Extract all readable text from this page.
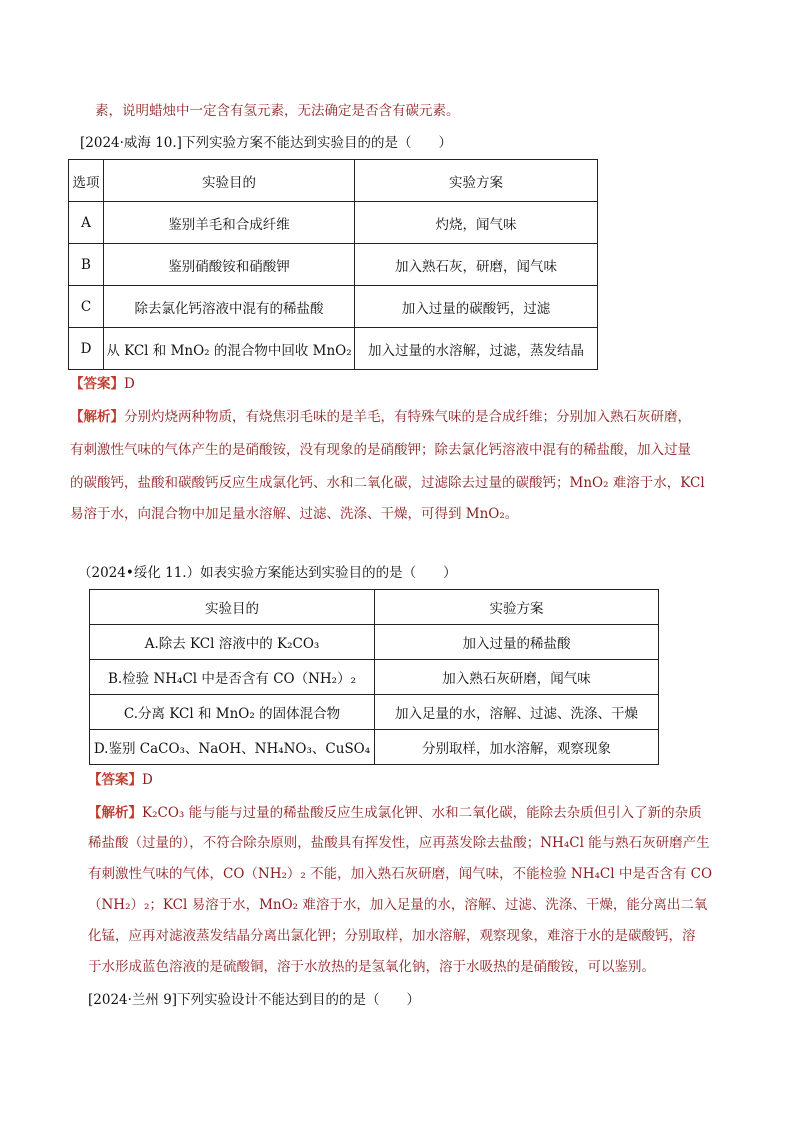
素，说明蜡烛中一定含有氢元素，无法确定是否含有碳元素。
[2024·威海 10.]下列实验方案不能达到实验目的的是（　　）
选项	实验目的	实验方案
A	鉴别羊毛和合成纤维	灼烧，闻气味
B	鉴别硝酸铵和硝酸钾	加入熟石灰，研磨，闻气味
C	除去氯化钙溶液中混有的稀盐酸	加入过量的碳酸钙，过滤
D	从 KCl 和 MnO₂ 的混合物中回收 MnO₂	加入过量的水溶解，过滤，蒸发结晶
【答案】D
【解析】分别灼烧两种物质，有烧焦羽毛味的是羊毛，有特殊气味的是合成纤维；分别加入熟石灰研磨，
有刺激性气味的气体产生的是硝酸铵，没有现象的是硝酸钾；除去氯化钙溶液中混有的稀盐酸，加入过量
的碳酸钙，盐酸和碳酸钙反应生成氯化钙、水和二氧化碳，过滤除去过量的碳酸钙；MnO₂ 难溶于水，KCl
易溶于水，向混合物中加足量水溶解、过滤、洗涤、干燥，可得到 MnO₂。
（2024•绥化 11.）如表实验方案能达到实验目的的是（　　）
实验目的	实验方案
A.除去 KCl 溶液中的 K₂CO₃	加入过量的稀盐酸
B.检验 NH₄Cl 中是否含有 CO（NH₂）₂	加入熟石灰研磨，闻气味
C.分离 KCl 和 MnO₂ 的固体混合物	加入足量的水，溶解、过滤、洗涤、干燥
D.鉴别 CaCO₃、NaOH、NH₄NO₃、CuSO₄	分别取样，加水溶解，观察现象
【答案】D
【解析】K₂CO₃ 能与能与过量的稀盐酸反应生成氯化钾、水和二氧化碳，能除去杂质但引入了新的杂质
稀盐酸（过量的），不符合除杂原则，盐酸具有挥发性，应再蒸发除去盐酸；NH₄Cl 能与熟石灰研磨产生
有刺激性气味的气体，CO（NH₂）₂ 不能，加入熟石灰研磨，闻气味，不能检验 NH₄Cl 中是否含有 CO
（NH₂）₂；KCl 易溶于水，MnO₂ 难溶于水，加入足量的水，溶解、过滤、洗涤、干燥，能分离出二氧
化锰，应再对滤液蒸发结晶分离出氯化钾；分别取样，加水溶解，观察现象，难溶于水的是碳酸钙，溶
于水形成蓝色溶液的是硫酸铜，溶于水放热的是氢氧化钠，溶于水吸热的是硝酸铵，可以鉴别。
[2024·兰州 9]下列实验设计不能达到目的的是（　　）
